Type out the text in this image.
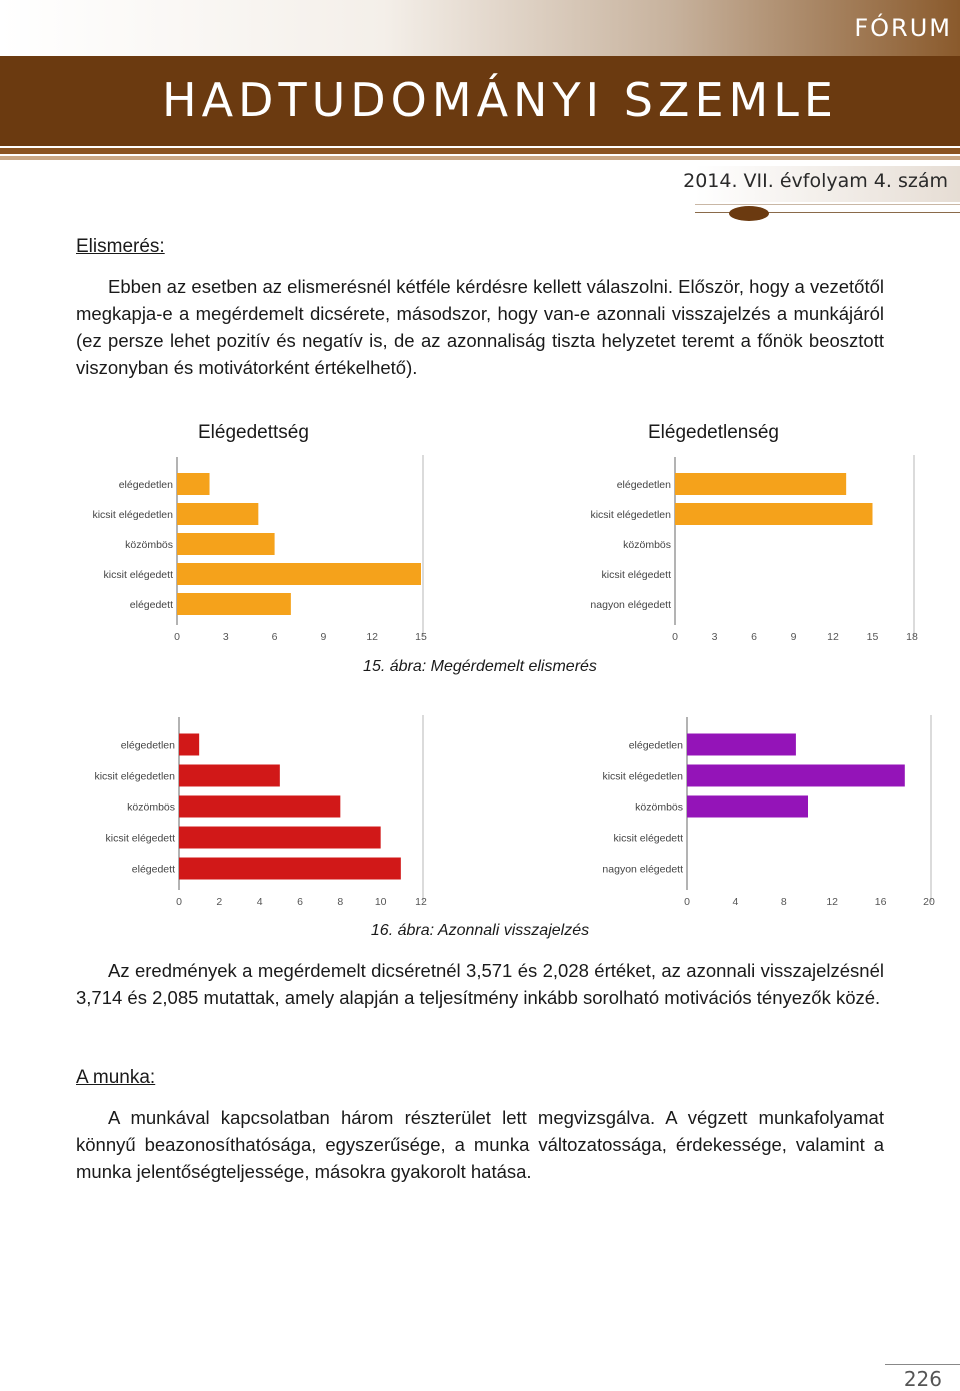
FÓRUM
HADTUDOMÁNYI SZEMLE
2014. VII. évfolyam 4. szám
Elismerés:

Ebben az esetben az elismerésnél kétféle kérdésre kellett válaszolni. Először, hogy a vezetőtől megkapja-e a megérdemelt dicsérete, másodszor, hogy van-e azonnali visszajelzés a munkájáról (ez persze lehet pozitív és negatív is, de az azonnaliság tiszta helyzetet teremt a főnök beosztott viszonyban és motivátorként értékelhető).

Elégedettség	Elégedetlenség
elégedetlen
kicsit elégedetlen
közömbös
kicsit elégedett
elégedett
0	3	6	9	12	15
elégedetlen
kicsit elégedetlen
közömbös
kicsit elégedett
nagyon elégedett
0	3	6	9	12	15	18
15. ábra: Megérdemelt elismerés
elégedetlen
kicsit elégedetlen
közömbös
kicsit elégedett
elégedett
0	2	4	6	8	10	12
elégedetlen
kicsit elégedetlen
közömbös
kicsit elégedett
nagyon elégedett
0	4	8	12	16	20
16. ábra: Azonnali visszajelzés

Az eredmények a megérdemelt dicséretnél 3,571 és 2,028 értéket, az azonnali visszajelzésnél 3,714 és 2,085 mutattak, amely alapján a teljesítmény inkább sorolható motivációs tényezők közé.

A munka:

A munkával kapcsolatban három részterület lett megvizsgálva. A végzett munkafolyamat könnyű beazonosíthatósága, egyszerűsége, a munka változatossága, érdekessége, valamint a munka jelentőségteljessége, másokra gyakorolt hatása.

226
